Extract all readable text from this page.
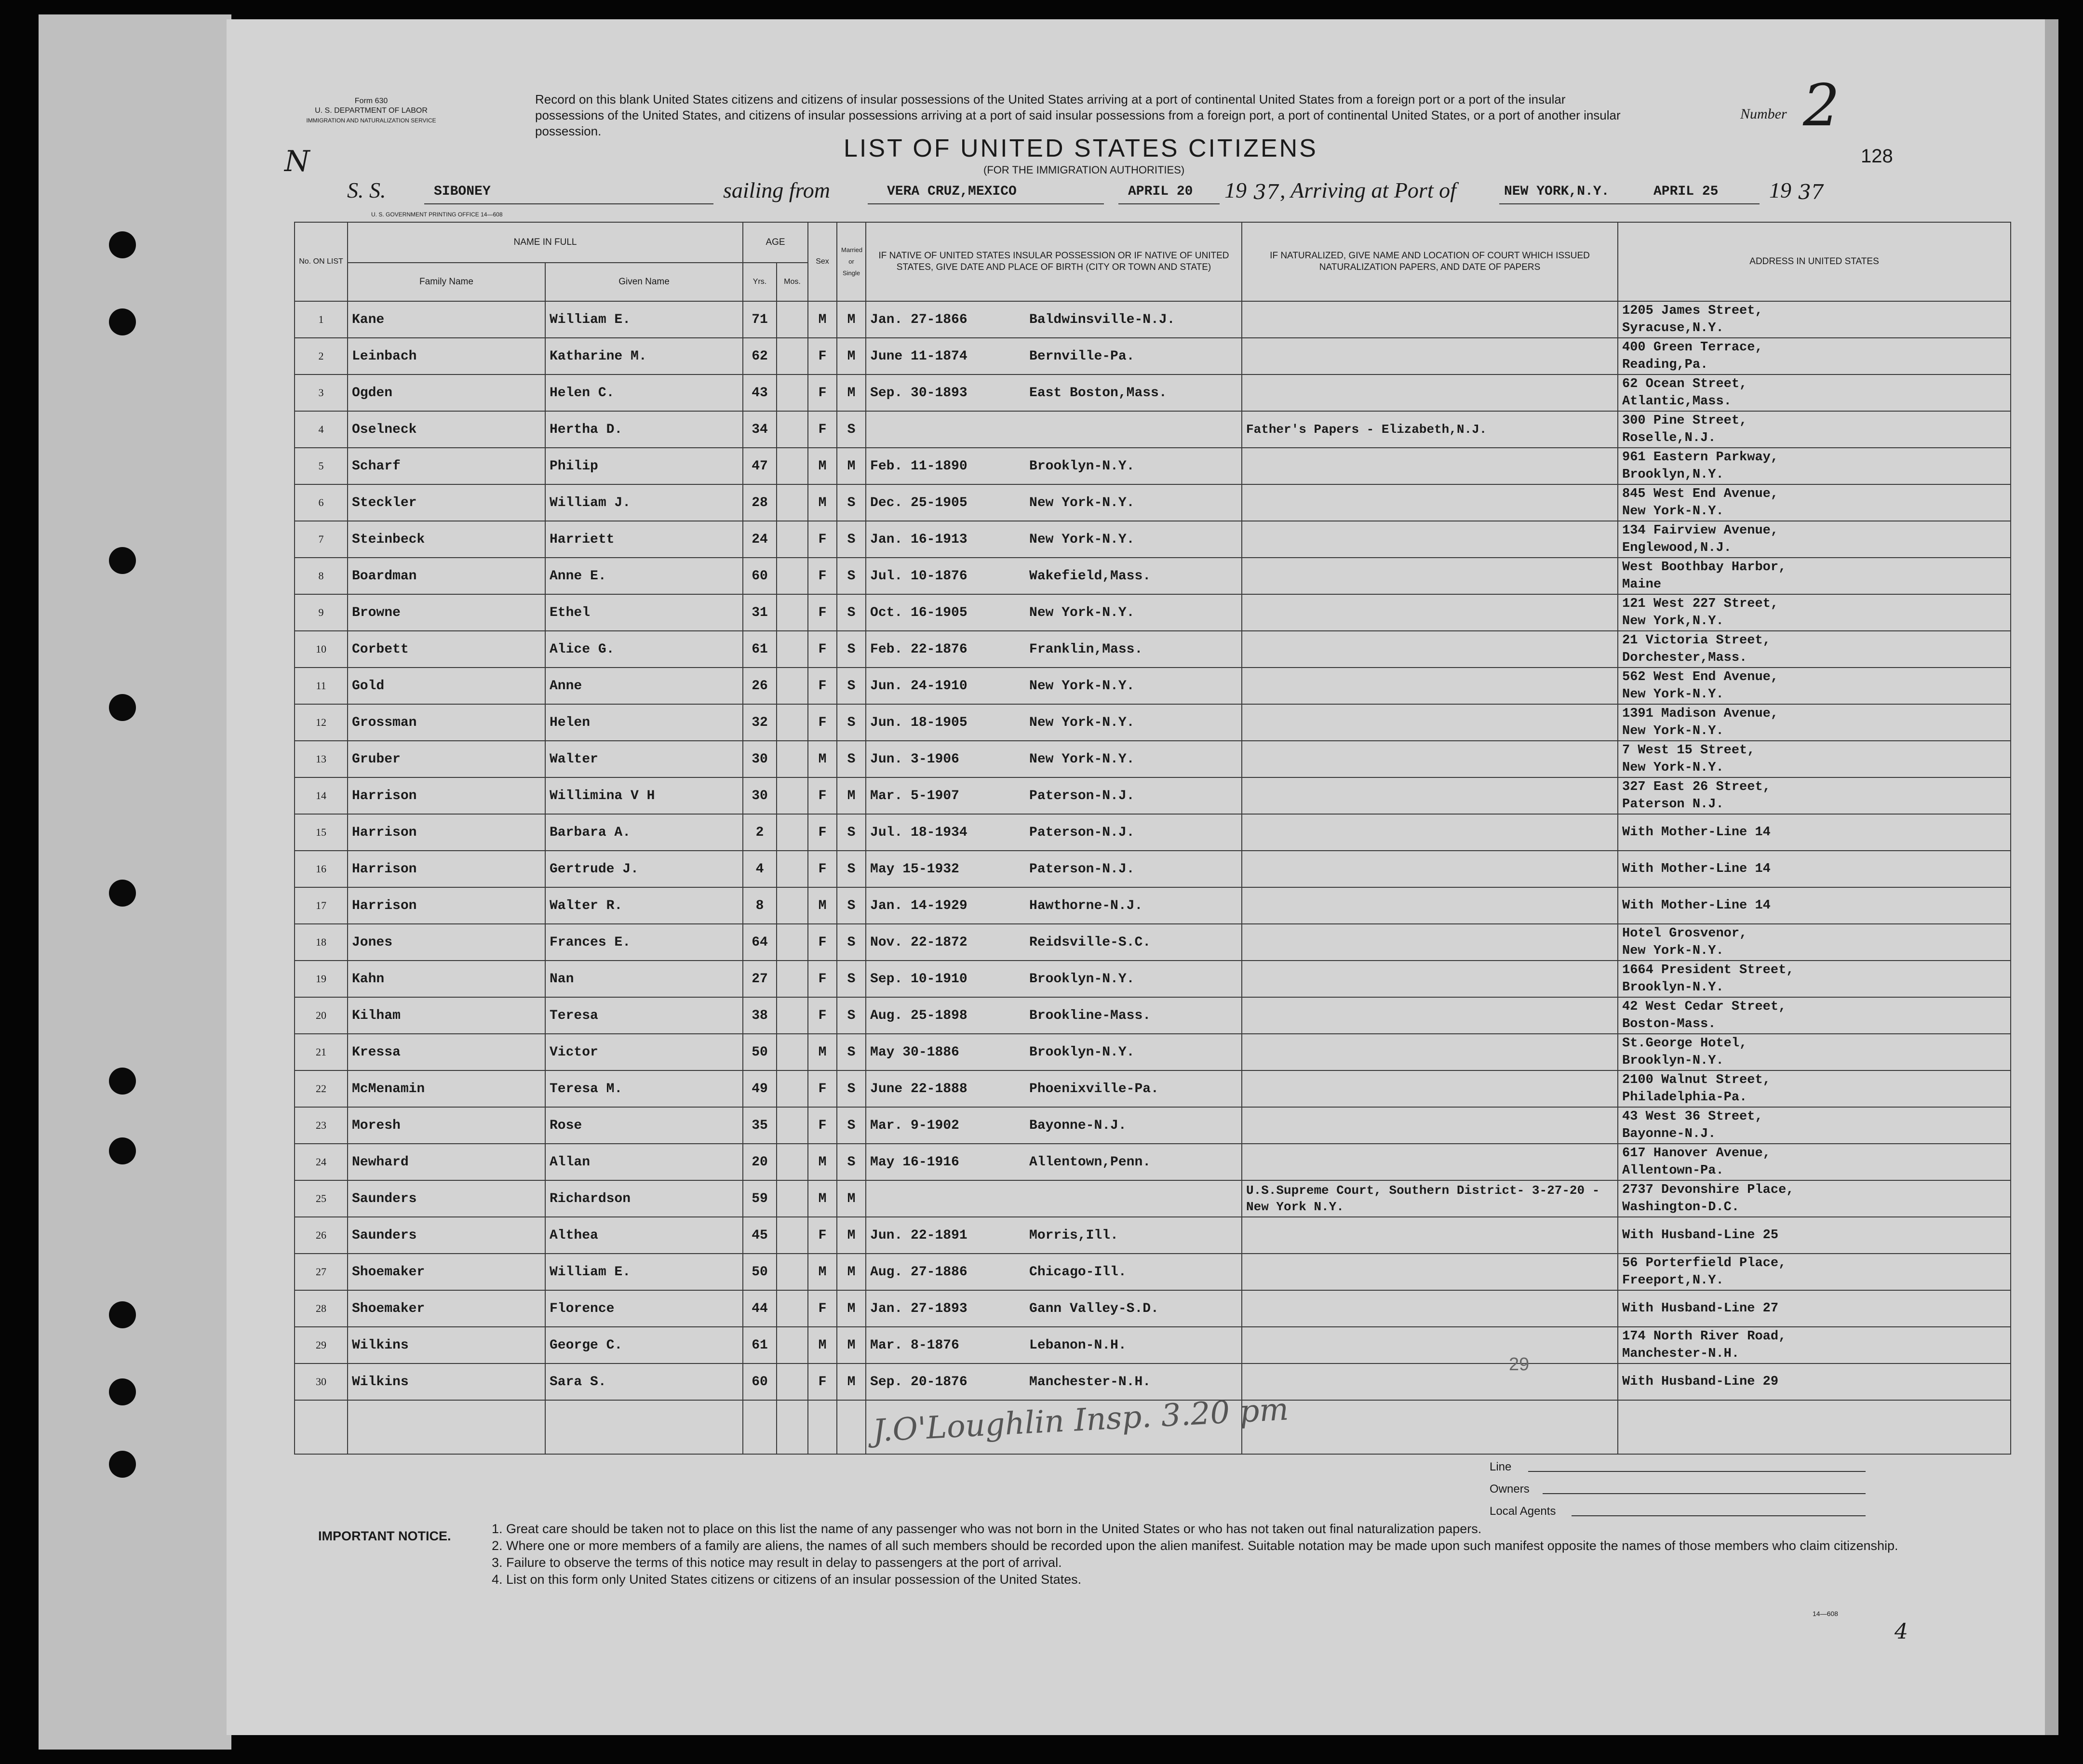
Form 630
U. S. DEPARTMENT OF LABOR
IMMIGRATION AND NATURALIZATION SERVICE
N
Record on this blank United States citizens and citizens of insular possessions of the United States arriving at a port of continental United States from a foreign port or a port of the insular possessions of the United States, and citizens of insular possessions arriving at a port of said insular possessions from a foreign port, a port of continental United States, or a port of another insular possession.
Number 2
LIST OF UNITED STATES CITIZENS
(FOR THE IMMIGRATION AUTHORITIES)
128
S. S.	SIBONEY	sailing from	VERA CRUZ,MEXICO	APRIL 20 19 37 , Arriving at Port of	NEW YORK,N.Y.	APRIL 25 19 37
U. S. GOVERNMENT PRINTING OFFICE 14—608
No. ON LIST	NAME IN FULL		AGE		Sex	Married or Single	IF NATIVE OF UNITED STATES INSULAR POSSESSION OR IF NATIVE OF UNITED STATES, GIVE DATE AND PLACE OF BIRTH (CITY OR TOWN AND STATE)	IF NATURALIZED, GIVE NAME AND LOCATION OF COURT WHICH ISSUED NATURALIZATION PAPERS, AND DATE OF PAPERS	ADDRESS IN UNITED STATES
	Family Name	Given Name	Yrs.	Mos.					
1	Kane	William E.	71		M	M	Jan. 27-1866 Baldwinsville-N.J.		1205 James Street,
Syracuse,N.Y.

2	Leinbach	Katharine M.	62		F	M	June 11-1874 Bernville-Pa.		400 Green Terrace,
Reading,Pa.

3	Ogden	Helen C.	43		F	M	Sep. 30-1893 East Boston,Mass.		62 Ocean Street,
Atlantic,Mass.

4	Oselneck	Hertha D.	34		F	S		Father's Papers - Elizabeth,N.J.	300 Pine Street,
Roselle,N.J.

5	Scharf	Philip	47		M	M	Feb. 11-1890 Brooklyn-N.Y.		961 Eastern Parkway,
Brooklyn,N.Y.

6	Steckler	William J.	28		M	S	Dec. 25-1905 New York-N.Y.		845 West End Avenue,
New York-N.Y.

7	Steinbeck	Harriett	24		F	S	Jan. 16-1913 New York-N.Y.		134 Fairview Avenue,
Englewood,N.J.

8	Boardman	Anne E.	60		F	S	Jul. 10-1876 Wakefield,Mass.		West Boothbay Harbor,
Maine

9	Browne	Ethel	31		F	S	Oct. 16-1905 New York-N.Y.		121 West 227 Street,
New York,N.Y.

10	Corbett	Alice G.	61		F	S	Feb. 22-1876 Franklin,Mass.		21 Victoria Street,
Dorchester,Mass.

11	Gold	Anne	26		F	S	Jun. 24-1910 New York-N.Y.		562 West End Avenue,
New York-N.Y.

12	Grossman	Helen	32		F	S	Jun. 18-1905 New York-N.Y.		1391 Madison Avenue,
New York-N.Y.

13	Gruber	Walter	30		M	S	Jun. 3-1906 New York-N.Y.		7 West 15 Street,
New York-N.Y.

14	Harrison	Willimina V H	30		F	M	Mar. 5-1907 Paterson-N.J.		327 East 26 Street,
Paterson N.J.

15	Harrison	Barbara A.	2		F	S	Jul. 18-1934 Paterson-N.J.		With Mother-Line 14

16	Harrison	Gertrude J.	4		F	S	May 15-1932 Paterson-N.J.		With Mother-Line 14

17	Harrison	Walter R.	8		M	S	Jan. 14-1929 Hawthorne-N.J.		With Mother-Line 14

18	Jones	Frances E.	64		F	S	Nov. 22-1872 Reidsville-S.C.		Hotel Grosvenor,
New York-N.Y.

19	Kahn	Nan	27		F	S	Sep. 10-1910 Brooklyn-N.Y.		1664 President Street,
Brooklyn-N.Y.

20	Kilham	Teresa	38		F	S	Aug. 25-1898 Brookline-Mass.		42 West Cedar Street,
Boston-Mass.

21	Kressa	Victor	50		M	S	May 30-1886 Brooklyn-N.Y.		St.George Hotel,
Brooklyn-N.Y.

22	McMenamin	Teresa M.	49		F	S	June 22-1888 Phoenixville-Pa.		2100 Walnut Street,
Philadelphia-Pa.

23	Moresh	Rose	35		F	S	Mar. 9-1902 Bayonne-N.J.		43 West 36 Street,
Bayonne-N.J.

24	Newhard	Allan	20		M	S	May 16-1916 Allentown,Penn.		617 Hanover Avenue,
Allentown-Pa.

25	Saunders	Richardson	59		M	M		U.S.Supreme Court, Southern District- 3-27-20 -New York N.Y.	2737 Devonshire Place,
Washington-D.C.

26	Saunders	Althea	45		F	M	Jun. 22-1891 Morris,Ill.		With Husband-Line 25

27	Shoemaker	William E.	50		M	M	Aug. 27-1886 Chicago-Ill.		56 Porterfield Place,
Freeport,N.Y.

28	Shoemaker	Florence	44		F	M	Jan. 27-1893 Gann Valley-S.D.		With Husband-Line 27

29	Wilkins	George C.	61		M	M	Mar. 8-1876 Lebanon-N.H.		174 North River Road,
Manchester-N.H.

30	Wilkins	Sara S.	60		F	M	Sep. 20-1876 Manchester-N.H.		With Husband-Line 29

J.O'Loughlin Insp. 3.20 pm
29
Line
Owners
Local Agents
IMPORTANT NOTICE.	1. Great care should be taken not to place on this list the name of any passenger who was not born in the United States or who has not taken out final naturalization papers.
2. Where one or more members of a family are aliens, the names of all such members should be recorded upon the alien manifest. Suitable notation may be made upon such manifest opposite the names of those members who claim citizenship.
3. Failure to observe the terms of this notice may result in delay to passengers at the port of arrival.
4. List on this form only United States citizens or citizens of an insular possession of the United States.
14—608
4
